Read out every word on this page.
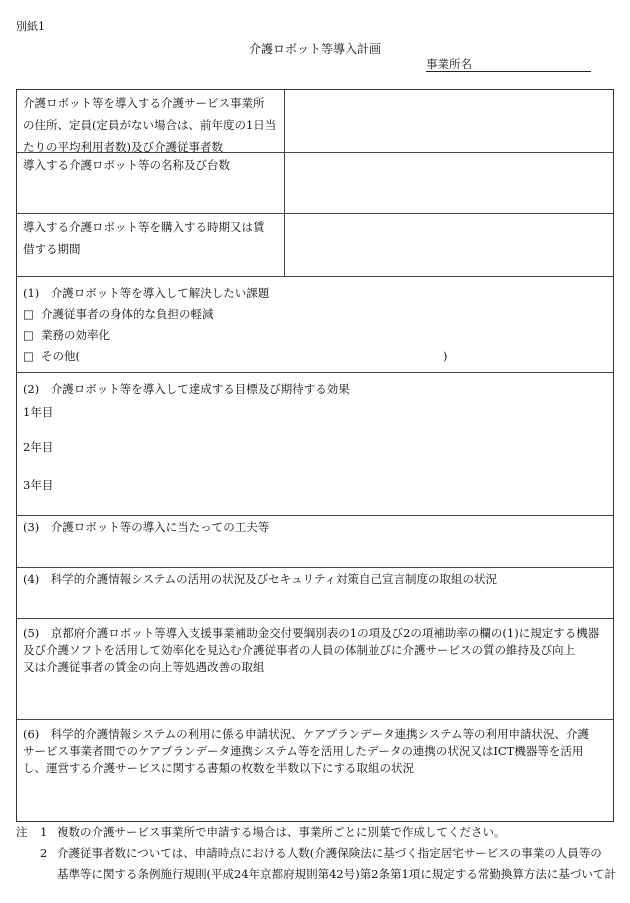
別紙1
介護ロボット等導入計画
事業所名
介護ロボット等を導入する介護サービス事業所
の住所、定員(定員がない場合は、前年度の1日当
たりの平均利用者数)及び介護従事者数
導入する介護ロボット等の名称及び台数
導入する介護ロボット等を購入する時期又は賃
借する期間
(1)　介護ロボット等を導入して解決したい課題
□ 介護従事者の身体的な負担の軽減
□ 業務の効率化
□ その他(	)
(2)　介護ロボット等を導入して達成する目標及び期待する効果
1年目
2年目
3年目
(3)　介護ロボット等の導入に当たっての工夫等
(4)　科学的介護情報システムの活用の状況及びセキュリティ対策自己宣言制度の取組の状況
(5)　京都府介護ロボット等導入支援事業補助金交付要綱別表の1の項及び2の項補助率の欄の(1)に規定する機器
及び介護ソフトを活用して効率化を見込む介護従事者の人員の体制並びに介護サービスの質の維持及び向上
又は介護従事者の賃金の向上等処遇改善の取組
(6)　科学的介護情報システムの利用に係る申請状況、ケアプランデータ連携システム等の利用申請状況、介護
サービス事業者間でのケアプランデータ連携システム等を活用したデータの連携の状況又はICT機器等を活用
し、運営する介護サービスに関する書類の枚数を半数以下にする取組の状況
注 1 複数の介護サービス事業所で申請する場合は、事業所ごとに別葉で作成してください。
2 介護従事者数については、申請時点における人数(介護保険法に基づく指定居宅サービスの事業の人員等の
基準等に関する条例施行規則(平成24年京都府規則第42号)第2条第1項に規定する常勤換算方法に基づいて計
